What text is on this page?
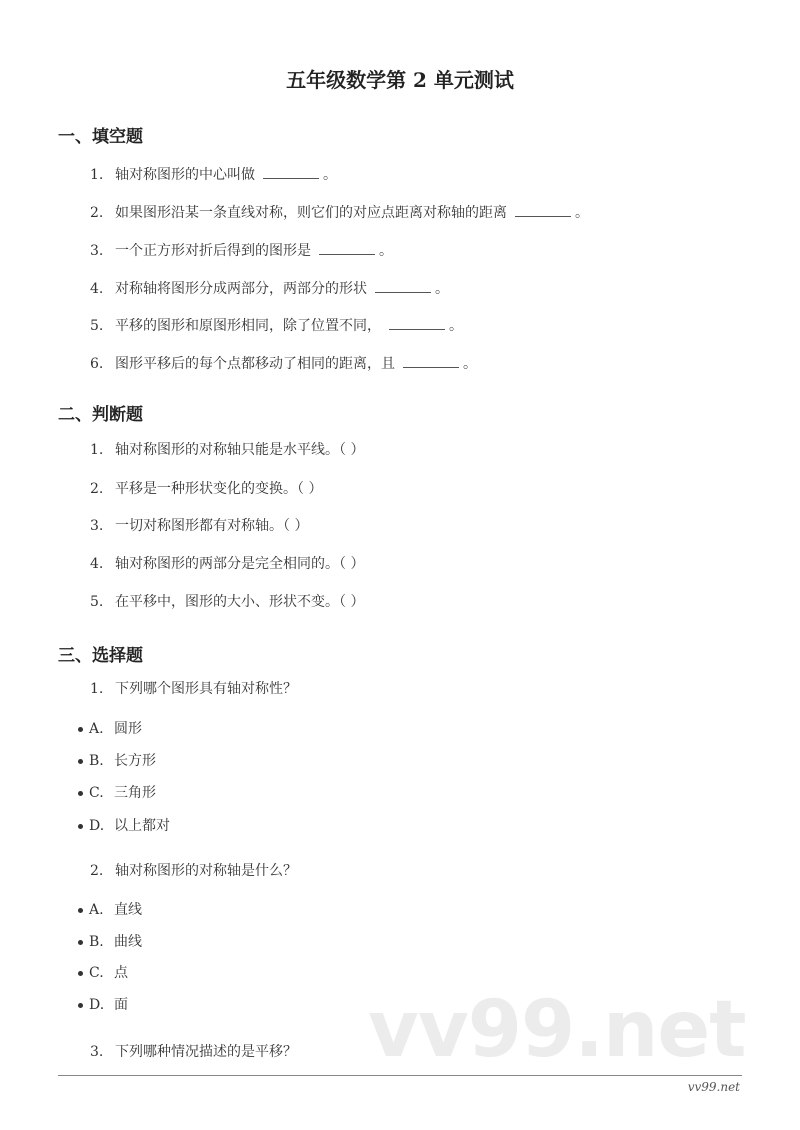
vv99.net
五年级数学第 2 单元测试
一、填空题
二、判断题
三、选择题
vv99.net
1. 轴对称图形的中心叫做	。
2. 如果图形沿某一条直线对称，则它们的对应点距离对称轴的距离	。
3. 一个正方形对折后得到的图形是	。
4. 对称轴将图形分成两部分，两部分的形状	。
5. 平移的图形和原图形相同，除了位置不同，	。
6. 图形平移后的每个点都移动了相同的距离，且	。
1. 轴对称图形的对称轴只能是水平线。（ ）
2. 平移是一种形状变化的变换。（ ）
3. 一切对称图形都有对称轴。（ ）
4. 轴对称图形的两部分是完全相同的。（ ）
5. 在平移中，图形的大小、形状不变。（ ）
1. 下列哪个图形具有轴对称性？
A. 圆形
B. 长方形
C. 三角形
D. 以上都对
2. 轴对称图形的对称轴是什么？
A. 直线
B. 曲线
C. 点
D. 面
3. 下列哪种情况描述的是平移？
